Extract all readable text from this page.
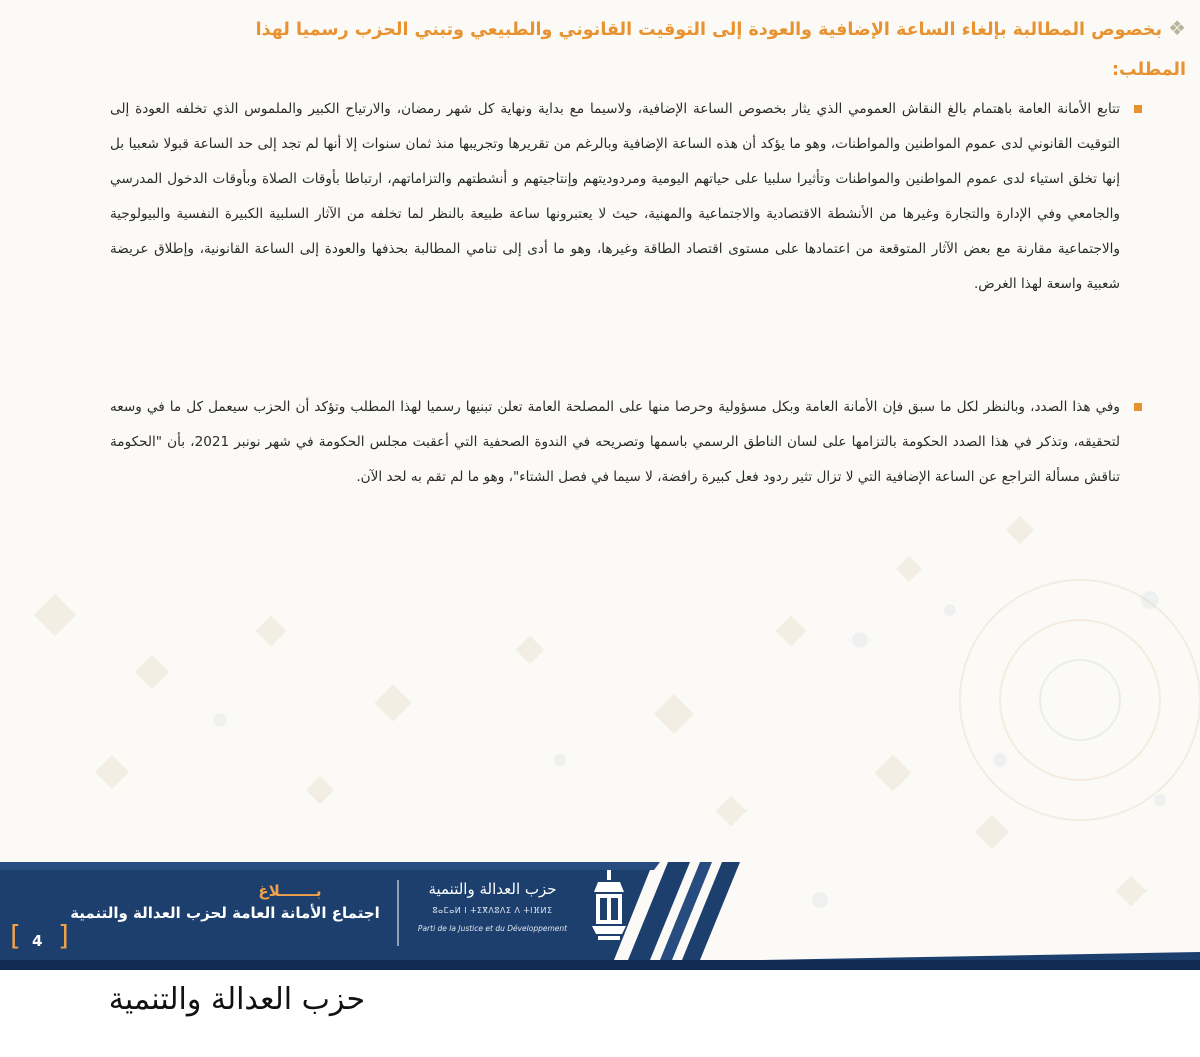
❖بخصوص المطالبة بإلغاء الساعة الإضافية والعودة إلى التوقيت القانوني والطبيعي وتبني الحزب رسميا لهذا المطلب:
تتابع الأمانة العامة باهتمام بالغ النقاش العمومي الذي يثار بخصوص الساعة الإضافية، ولاسيما مع بداية ونهاية كل شهر رمضان، والارتياح الكبير والملموس الذي تخلفه العودة إلى التوقيت القانوني لدى عموم المواطنين والمواطنات، وهو ما يؤكد أن هذه الساعة الإضافية وبالرغم من تقريرها وتجريبها منذ ثمان سنوات إلا أنها لم تجد إلى حد الساعة قبولا شعبيا بل إنها تخلق استياء لدى عموم المواطنين والمواطنات وتأثيرا سلبيا على حياتهم اليومية ومردوديتهم وإنتاجيتهم و أنشطتهم والتزاماتهم، ارتباطا بأوقات الصلاة وبأوقات الدخول المدرسي والجامعي وفي الإدارة والتجارة وغيرها من الأنشطة الاقتصادية والاجتماعية والمهنية، حيث لا يعتبرونها ساعة طبيعة بالنظر لما تخلفه من الآثار السلبية الكبيرة النفسية والبيولوجية والاجتماعية مقارنة مع بعض الآثار المتوقعة من اعتمادها على مستوى اقتصاد الطاقة وغيرها، وهو ما أدى إلى تنامي المطالبة بحذفها والعودة إلى الساعة القانونية، وإطلاق عريضة شعبية واسعة لهذا الغرض.
وفي هذا الصدد، وبالنظر لكل ما سبق فإن الأمانة العامة وبكل مسؤولية وحرصا منها على المصلحة العامة تعلن تبنيها رسميا لهذا المطلب وتؤكد أن الحزب سيعمل كل ما في وسعه لتحقيقه، وتذكر في هذا الصدد الحكومة بالتزامها على لسان الناطق الرسمي باسمها وتصريحه في الندوة الصحفية التي أعقبت مجلس الحكومة في شهر نونبر 2021، بأن "الحكومة تناقش مسألة التراجع عن الساعة الإضافية التي لا تزال تثير ردود فعل كبيرة رافضة، لا سيما في فصل الشتاء"، وهو ما لم تقم به لحد الآن.
بـــــــلاغ
اجتماع الأمانة العامة لحزب العدالة والتنمية
[ 4 ]
حزب العدالة والتنمية
ⵓⴰⵎⴰⵍ ⵏ ⵜⵉⴳⴷⵓⴷⵉ ⴷ ⵜⵏⴼⵍⵉ
Parti de la Justice et du Développement
حزب العدالة والتنمية
